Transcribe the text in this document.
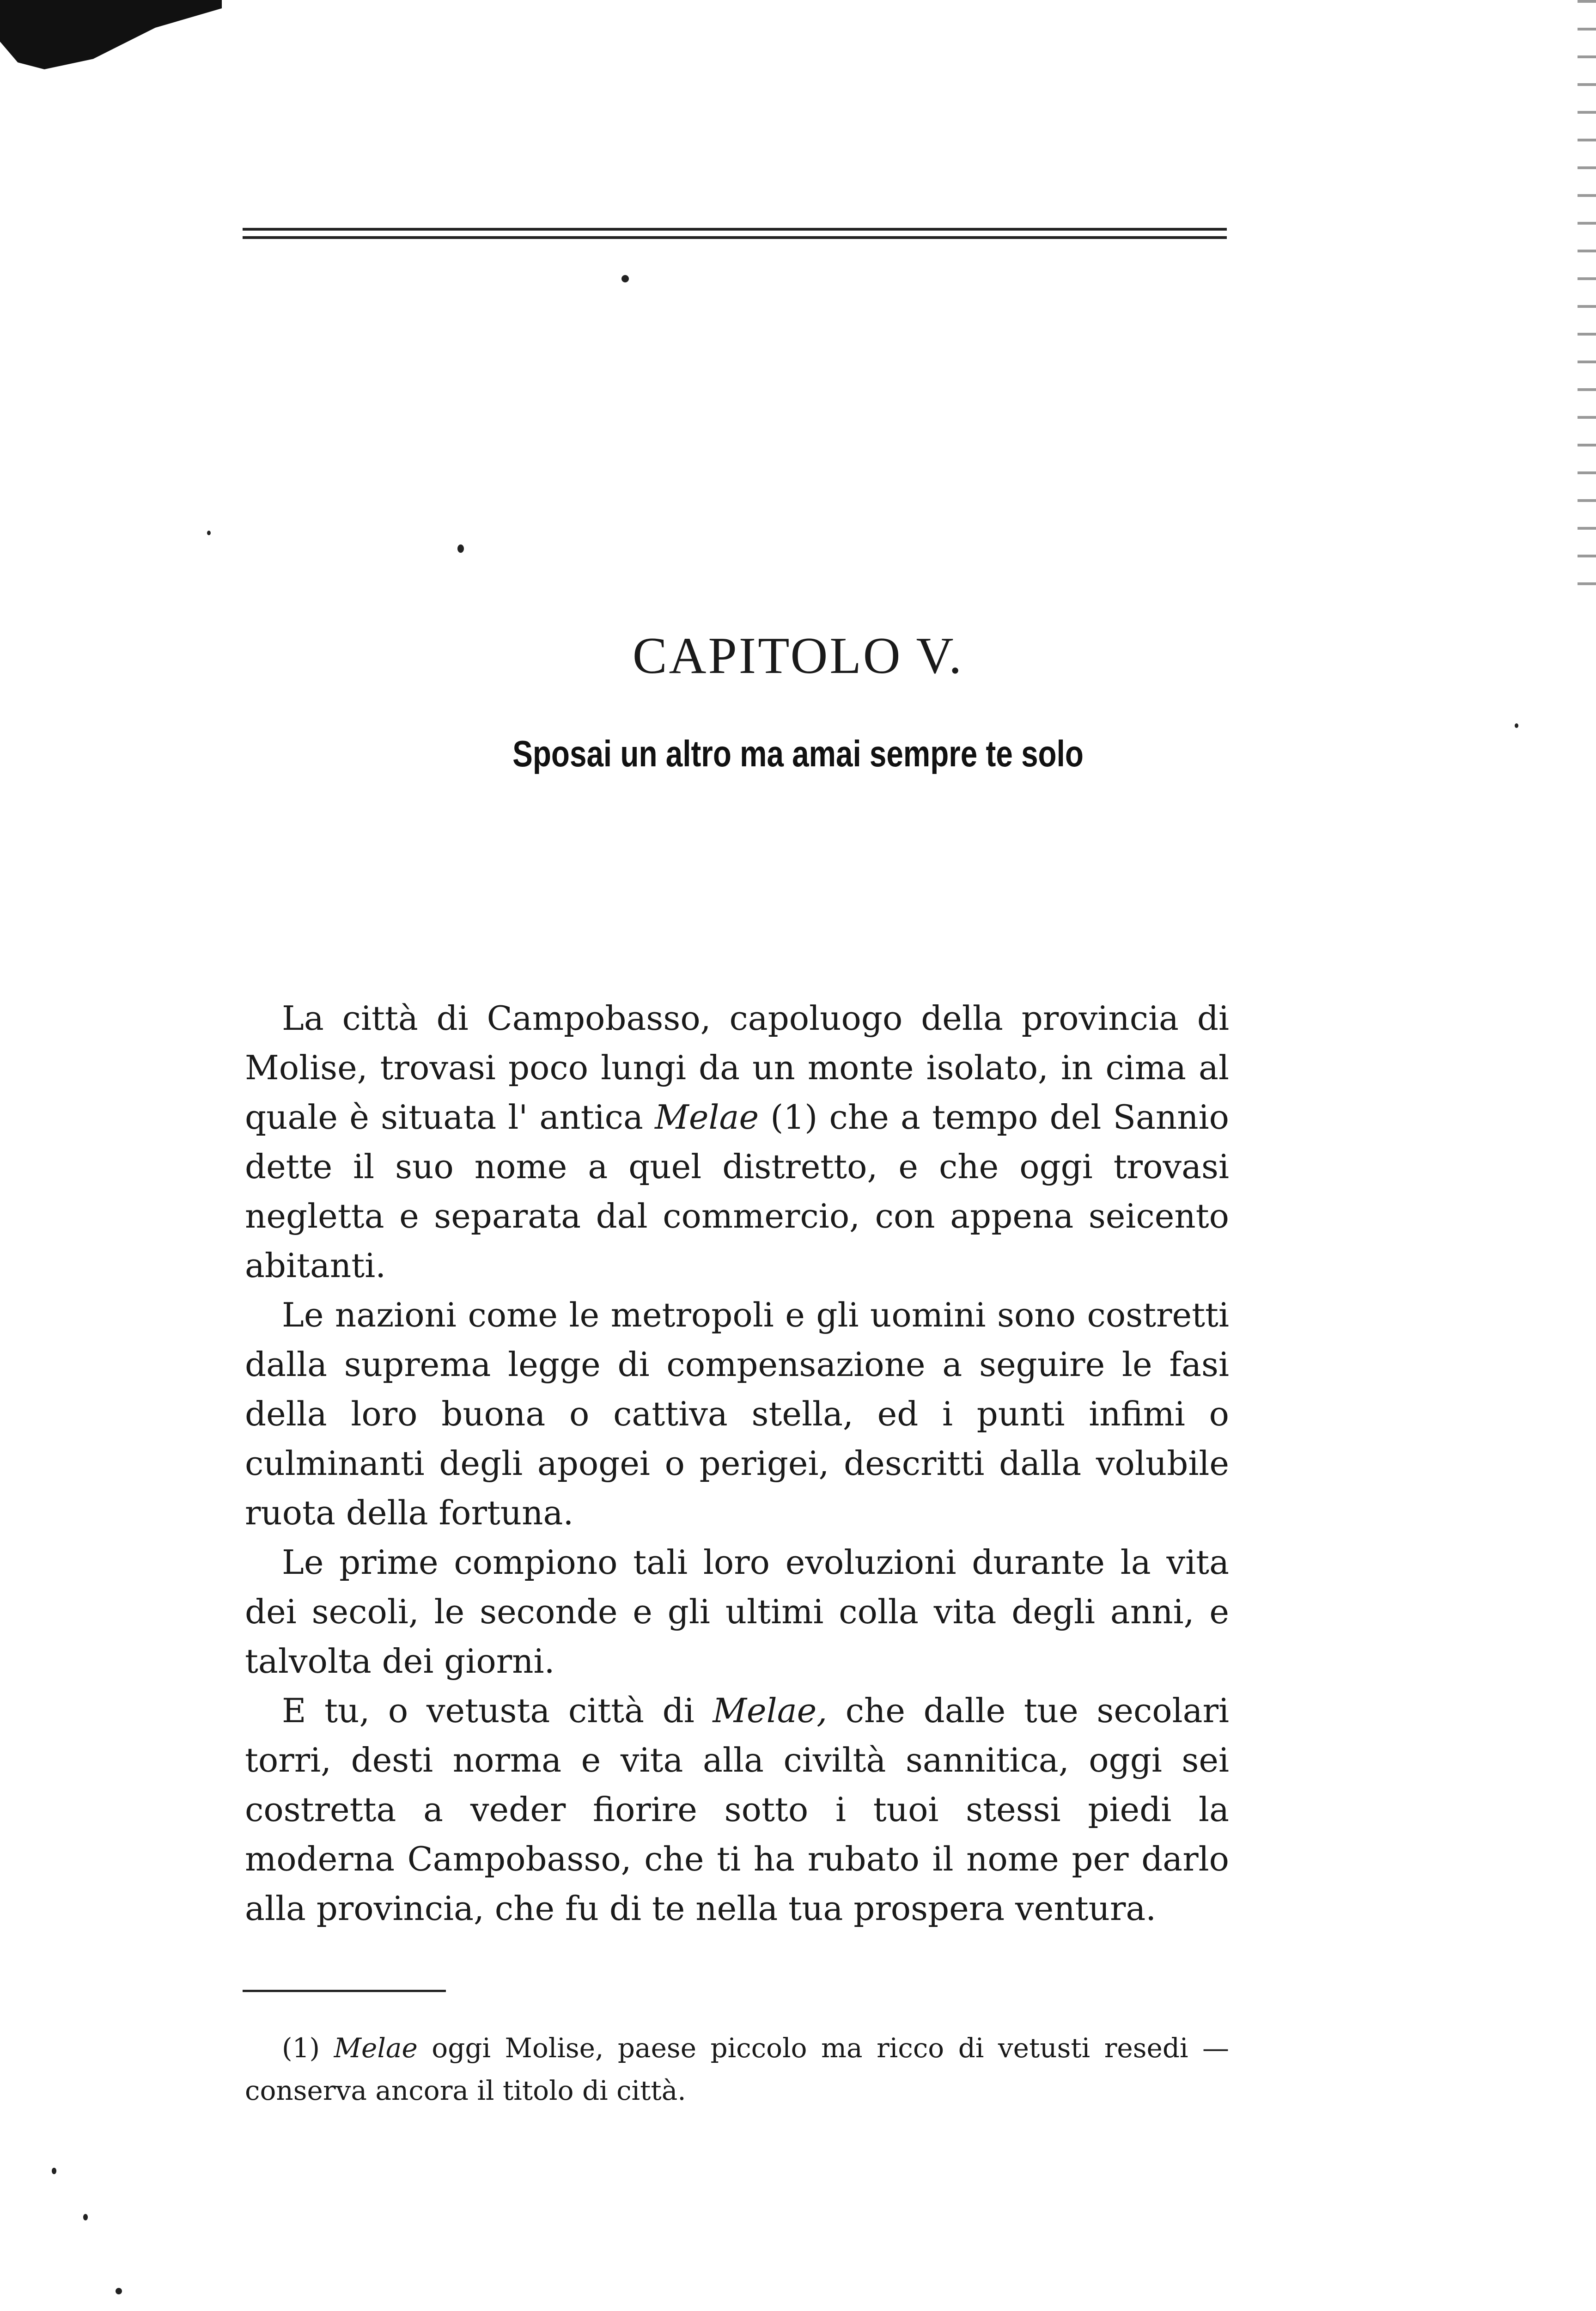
CAPITOLO V.
Sposai un altro ma amai sempre te solo

La città di Campobasso, capoluogo della provincia di Molise, trovasi poco lungi da un monte isolato, in cima al quale è situata l' antica Melae (1) che a tempo del Sannio dette il suo nome a quel distretto, e che oggi trovasi negletta e separata dal commercio, con appena seicento abitanti.

Le nazioni come le metropoli e gli uomini sono costretti dalla suprema legge di compensazione a seguire le fasi della loro buona o cattiva stella, ed i punti infimi o culminanti degli apogei o perigei, descritti dalla volubile ruota della fortuna.

Le prime compiono tali loro evoluzioni durante la vita dei secoli, le seconde e gli ultimi colla vita degli anni, e talvolta dei giorni.

E tu, o vetusta città di Melae, che dalle tue secolari torri, desti norma e vita alla civiltà sannitica, oggi sei costretta a veder fiorire sotto i tuoi stessi piedi la moderna Campobasso, che ti ha rubato il nome per darlo alla provincia, che fu di te nella tua prospera ventura.

(1) Melae oggi Molise, paese piccolo ma ricco di vetusti resedi — conserva ancora il titolo di città.
